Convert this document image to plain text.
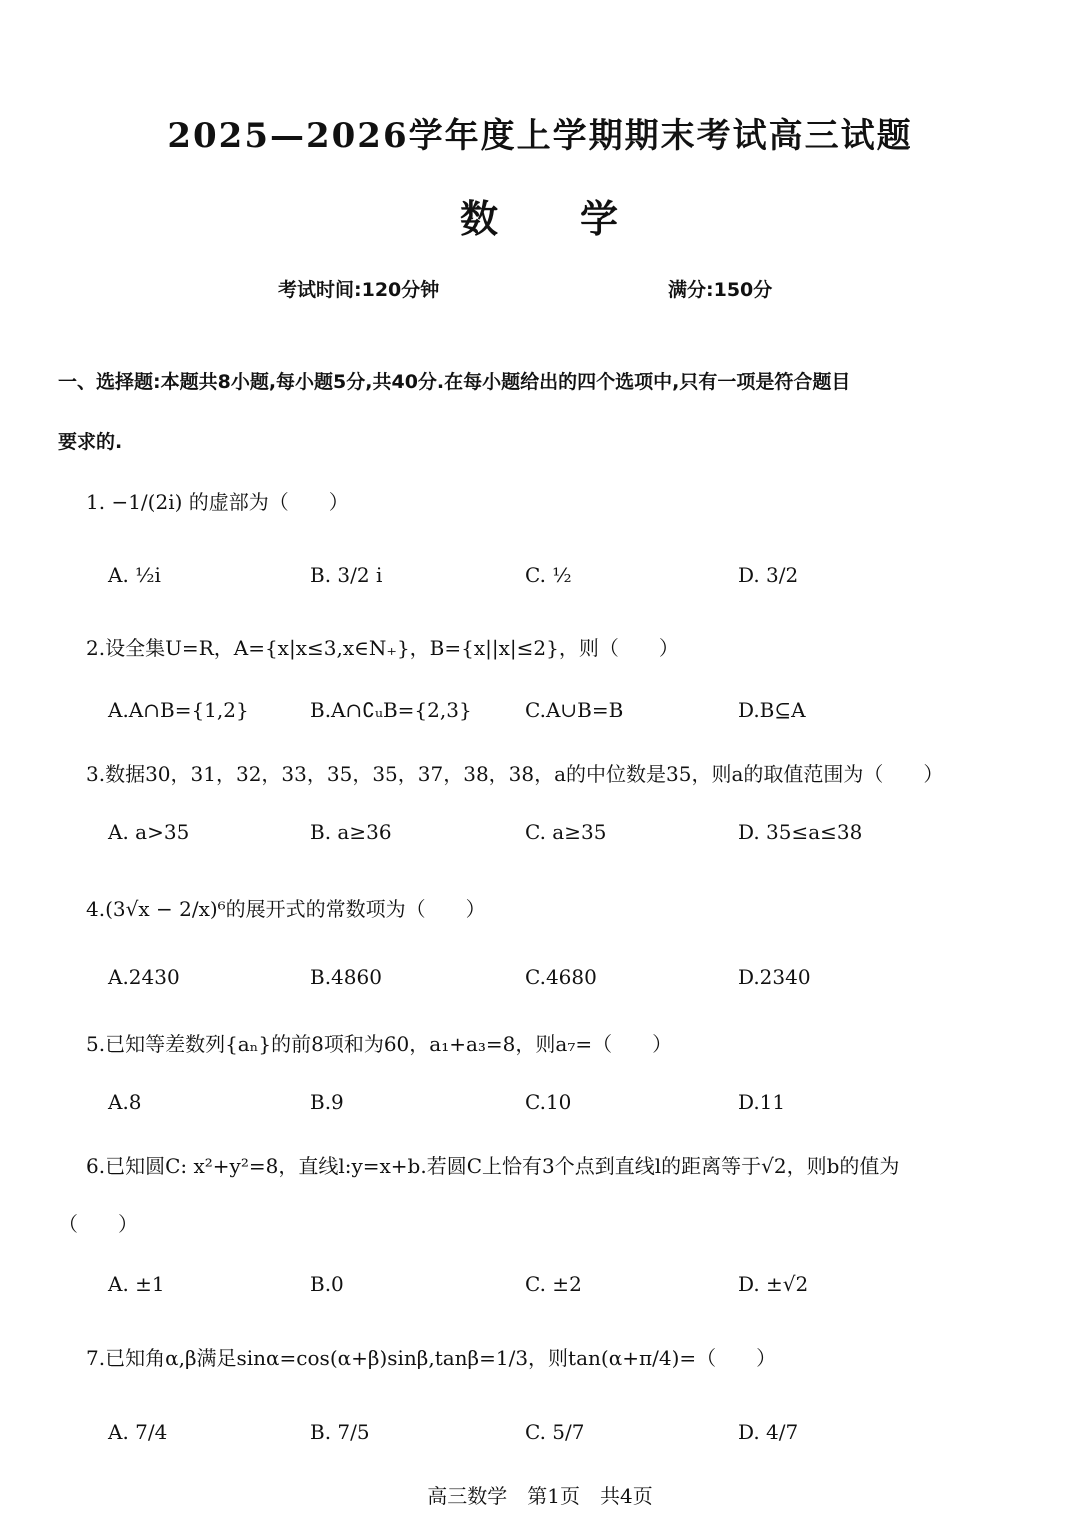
2025—2026学年度上学期期末考试高三试题
数　　学
考试时间:120分钟	满分:150分
一、选择题:本题共8小题,每小题5分,共40分.在每小题给出的四个选项中,只有一项是符合题目
要求的.
1. −1/(2i) 的虚部为（　　）
A. ½i	B. 3/2 i	C. ½	D. 3/2
2.设全集U=R，A={x|x≤3,x∈N₊}，B={x||x|≤2}，则（　　）
A.A∩B={1,2}	B.A∩∁ᵤB={2,3}	C.A∪B=B	D.B⊆A
3.数据30，31，32，33，35，35，37，38，38，a的中位数是35，则a的取值范围为（　　）
A. a>35	B. a≥36	C. a≥35	D. 35≤a≤38
4.(3√x − 2/x)⁶的展开式的常数项为（　　）
A.2430	B.4860	C.4680	D.2340
5.已知等差数列{aₙ}的前8项和为60，a₁+a₃=8，则a₇=（　　）
A.8	B.9	C.10	D.11
6.已知圆C: x²+y²=8，直线l:y=x+b.若圆C上恰有3个点到直线l的距离等于√2，则b的值为
（　　）
A. ±1	B.0	C. ±2	D. ±√2
7.已知角α,β满足sinα=cos(α+β)sinβ,tanβ=1/3，则tan(α+π/4)=（　　）
A. 7/4	B. 7/5	C. 5/7	D. 4/7
高三数学　第1页　共4页
